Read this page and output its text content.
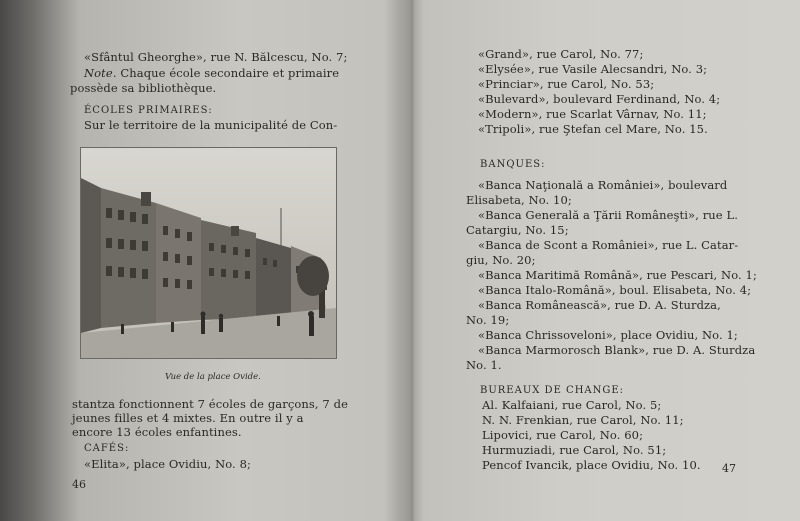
«Sfântul Gheorghe», rue N. Bălcescu, No. 7;
Note. Chaque école secondaire et primaire
possède sa bibliothèque.
ÉCOLES PRIMAIRES:
Sur le territoire de la municipalité de Con-
Vue de la place Ovide.
stantza fonctionnent 7 écoles de garçons, 7 de
jeunes filles et 4 mixtes. En outre il y a
encore 13 écoles enfantines.
CAFÉS:
«Elita», place Ovidiu, No. 8;
46
«Grand», rue Carol, No. 77;
«Elysée», rue Vasile Alecsandri, No. 3;
«Princiar», rue Carol, No. 53;
«Bulevard», boulevard Ferdinand, No. 4;
«Modern», rue Scarlat Vârnav, No. 11;
«Tripoli», rue Ştefan cel Mare, No. 15.
BANQUES:
«Banca Naţională a României», boulevard
Elisabeta, No. 10;
«Banca Generală a Ţării Româneşti», rue L.
Catargiu, No. 15;
«Banca de Scont a României», rue L. Catar-
giu, No. 20;
«Banca Maritimă Română», rue Pescari, No. 1;
«Banca Italo-Română», boul. Elisabeta, No. 4;
«Banca Românească», rue D. A. Sturdza,
No. 19;
«Banca Chrissoveloni», place Ovidiu, No. 1;
«Banca Marmorosch Blank», rue D. A. Sturdza
No. 1.
BUREAUX DE CHANGE:
Al. Kalfaiani, rue Carol, No. 5;
N. N. Frenkian, rue Carol, No. 11;
Lipovici, rue Carol, No. 60;
Hurmuziadi, rue Carol, No. 51;
Pencof Ivancik, place Ovidiu, No. 10. 47
